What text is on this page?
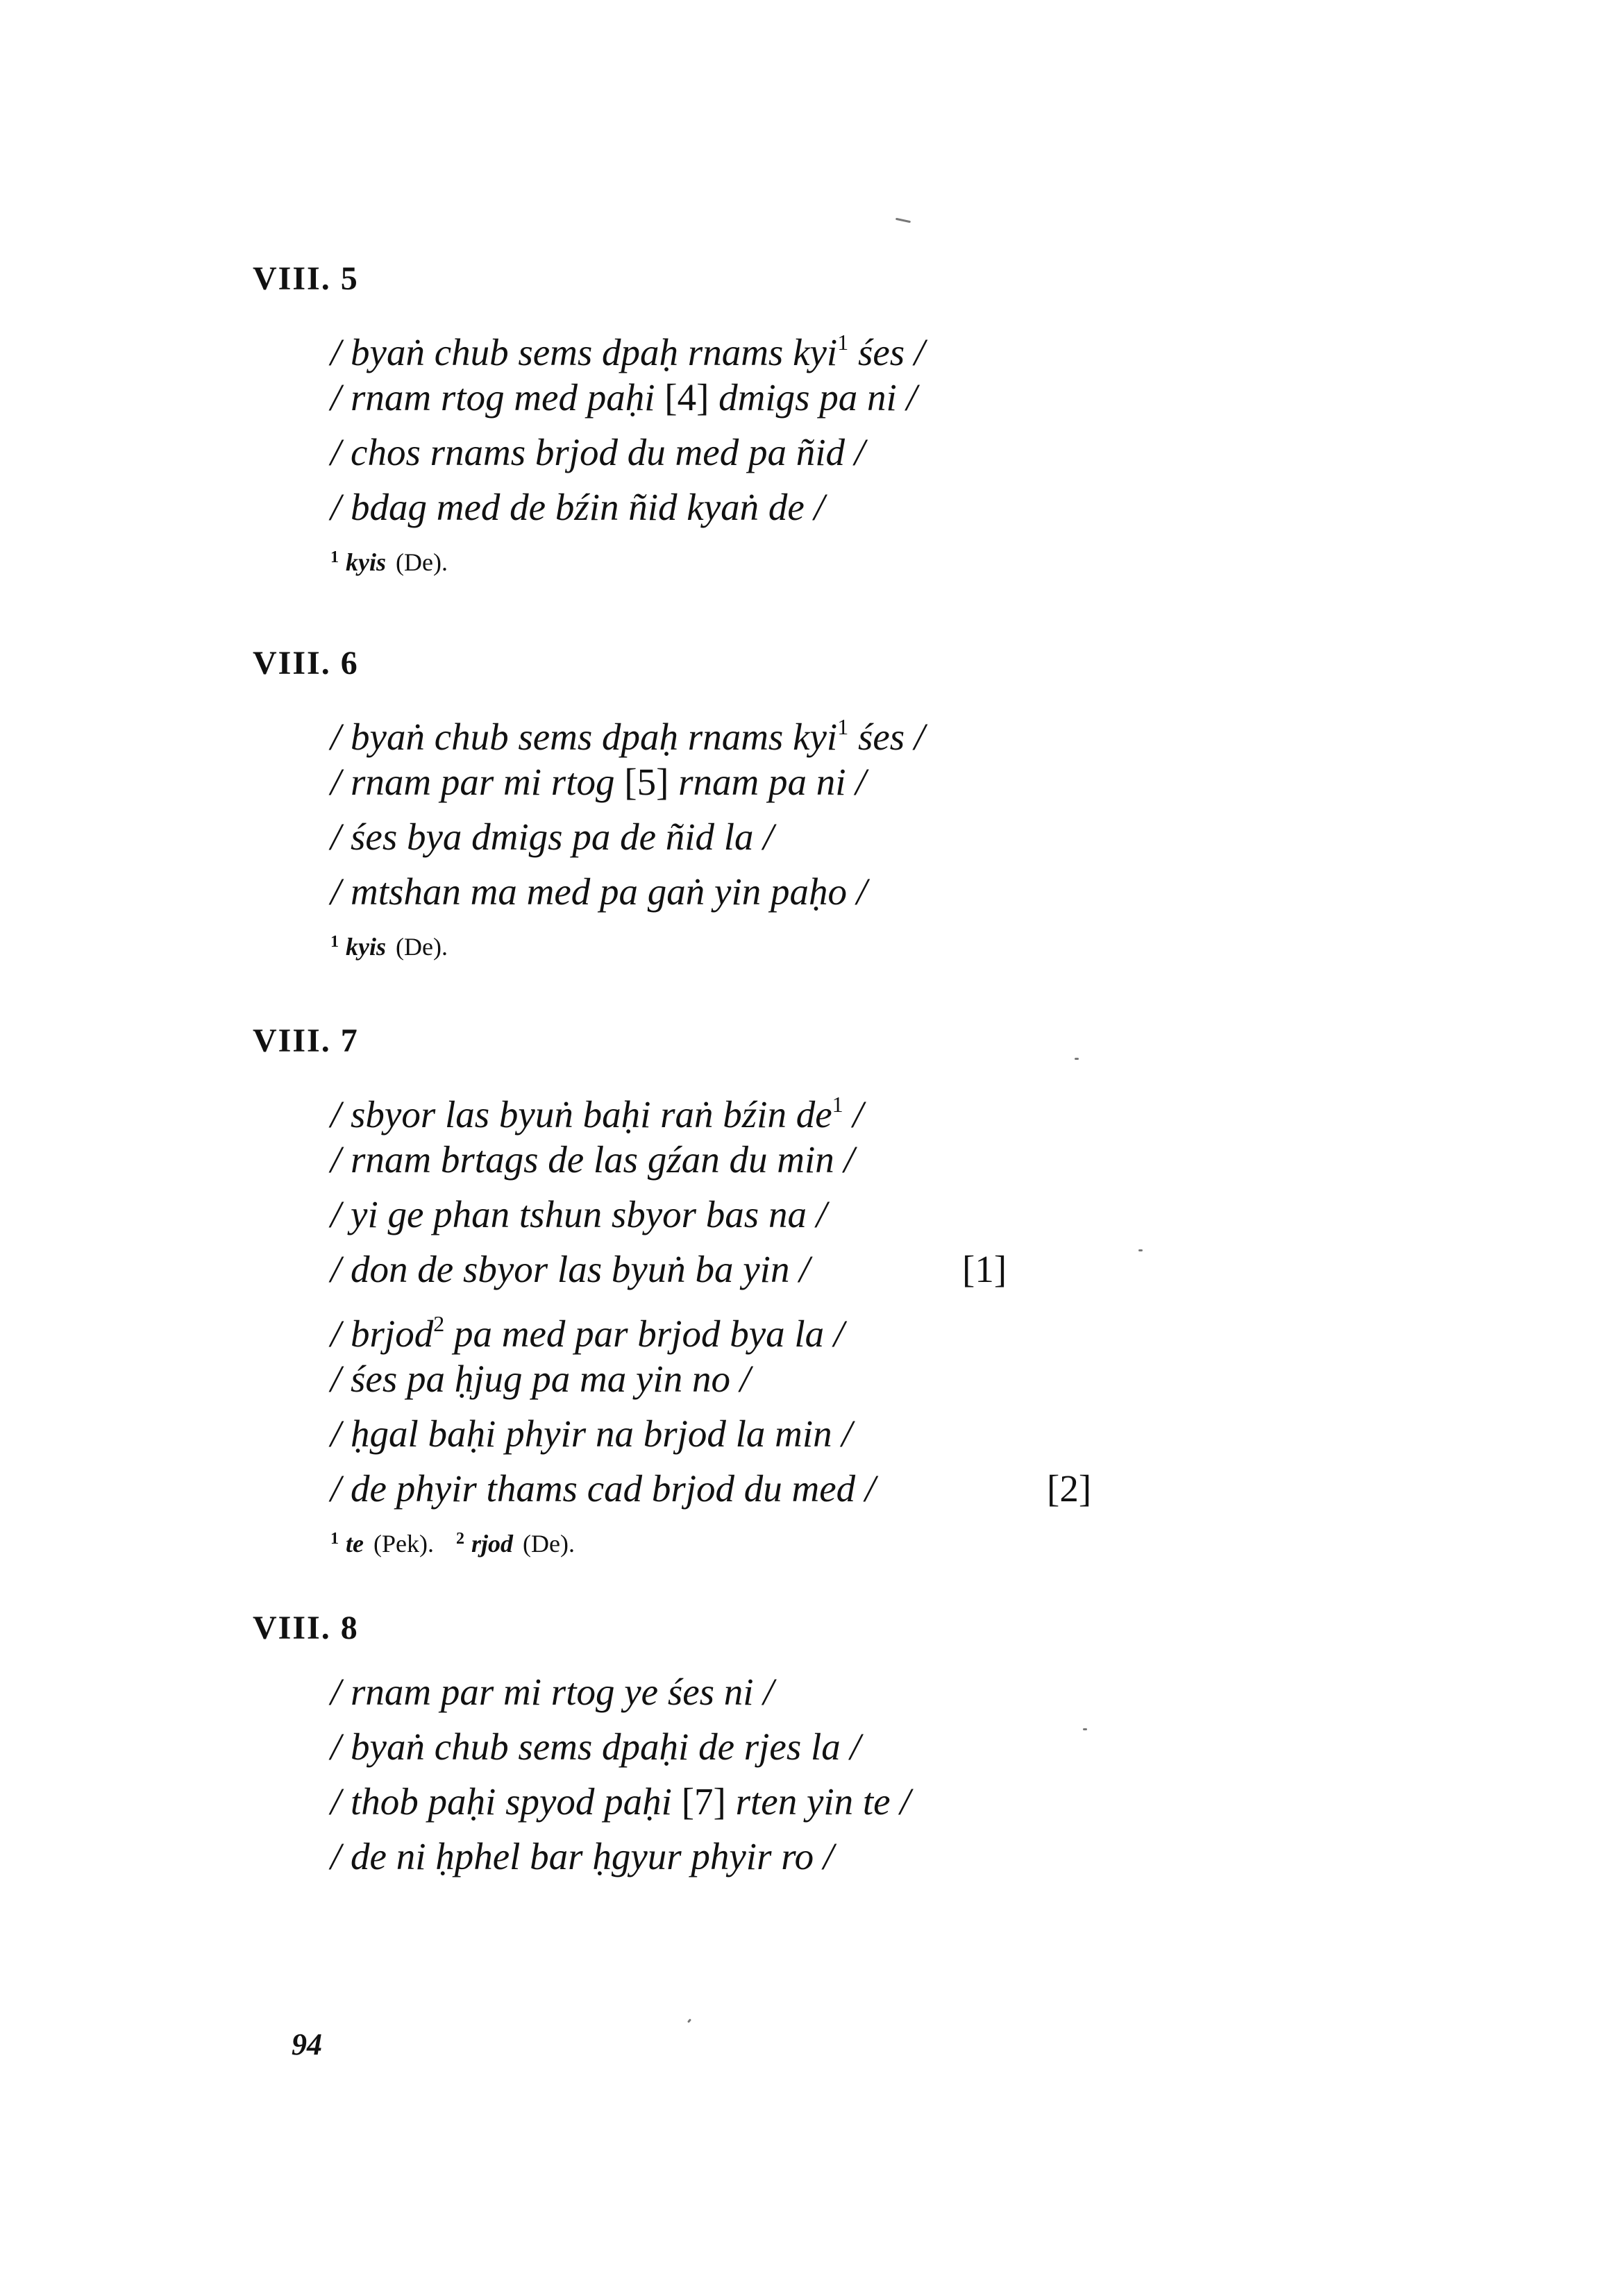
VIII. 5
/ byaṅ chub sems dpaḥ rnams kyi$^1$ śes /
/ rnam rtog med paḥi [4] dmigs pa ni /
/ chos rnams brjod du med pa ñid /
/ bdag med de bźin ñid kyaṅ de /
$^1$ kyis (De).
VIII. 6
/ byaṅ chub sems dpaḥ rnams kyi$^1$ śes /
/ rnam par mi rtog [5] rnam pa ni /
/ śes bya dmigs pa de ñid la /
/ mtshan ma med pa gaṅ yin paḥo /
$^1$ kyis (De).
VIII. 7
/ sbyor las byuṅ baḥi raṅ bźin $de^1$ /
/ rnam brtags de las gźan du min /
/ yi ge phan tshun sbyor bas na /
/ don de sbyor las byuṅ ba yin /	[1]
/ brjod$^2$ pa med par brjod bya la /
/ śes pa ḥjug pa ma yin no /
/ ḥgal baḥi phyir na brjod la min /
/ de phyir thams cad brjod du med /	[2]
$^1$ te (Pek). $^2$ rjod (De).
VIII. 8
/ rnam par mi rtog ye śes ni /
/ byaṅ chub sems dpaḥi de rjes la /
/ thob paḥi spyod paḥi [7] rten yin te /
/ de ni ḥphel bar ḥgyur phyir ro /
94
